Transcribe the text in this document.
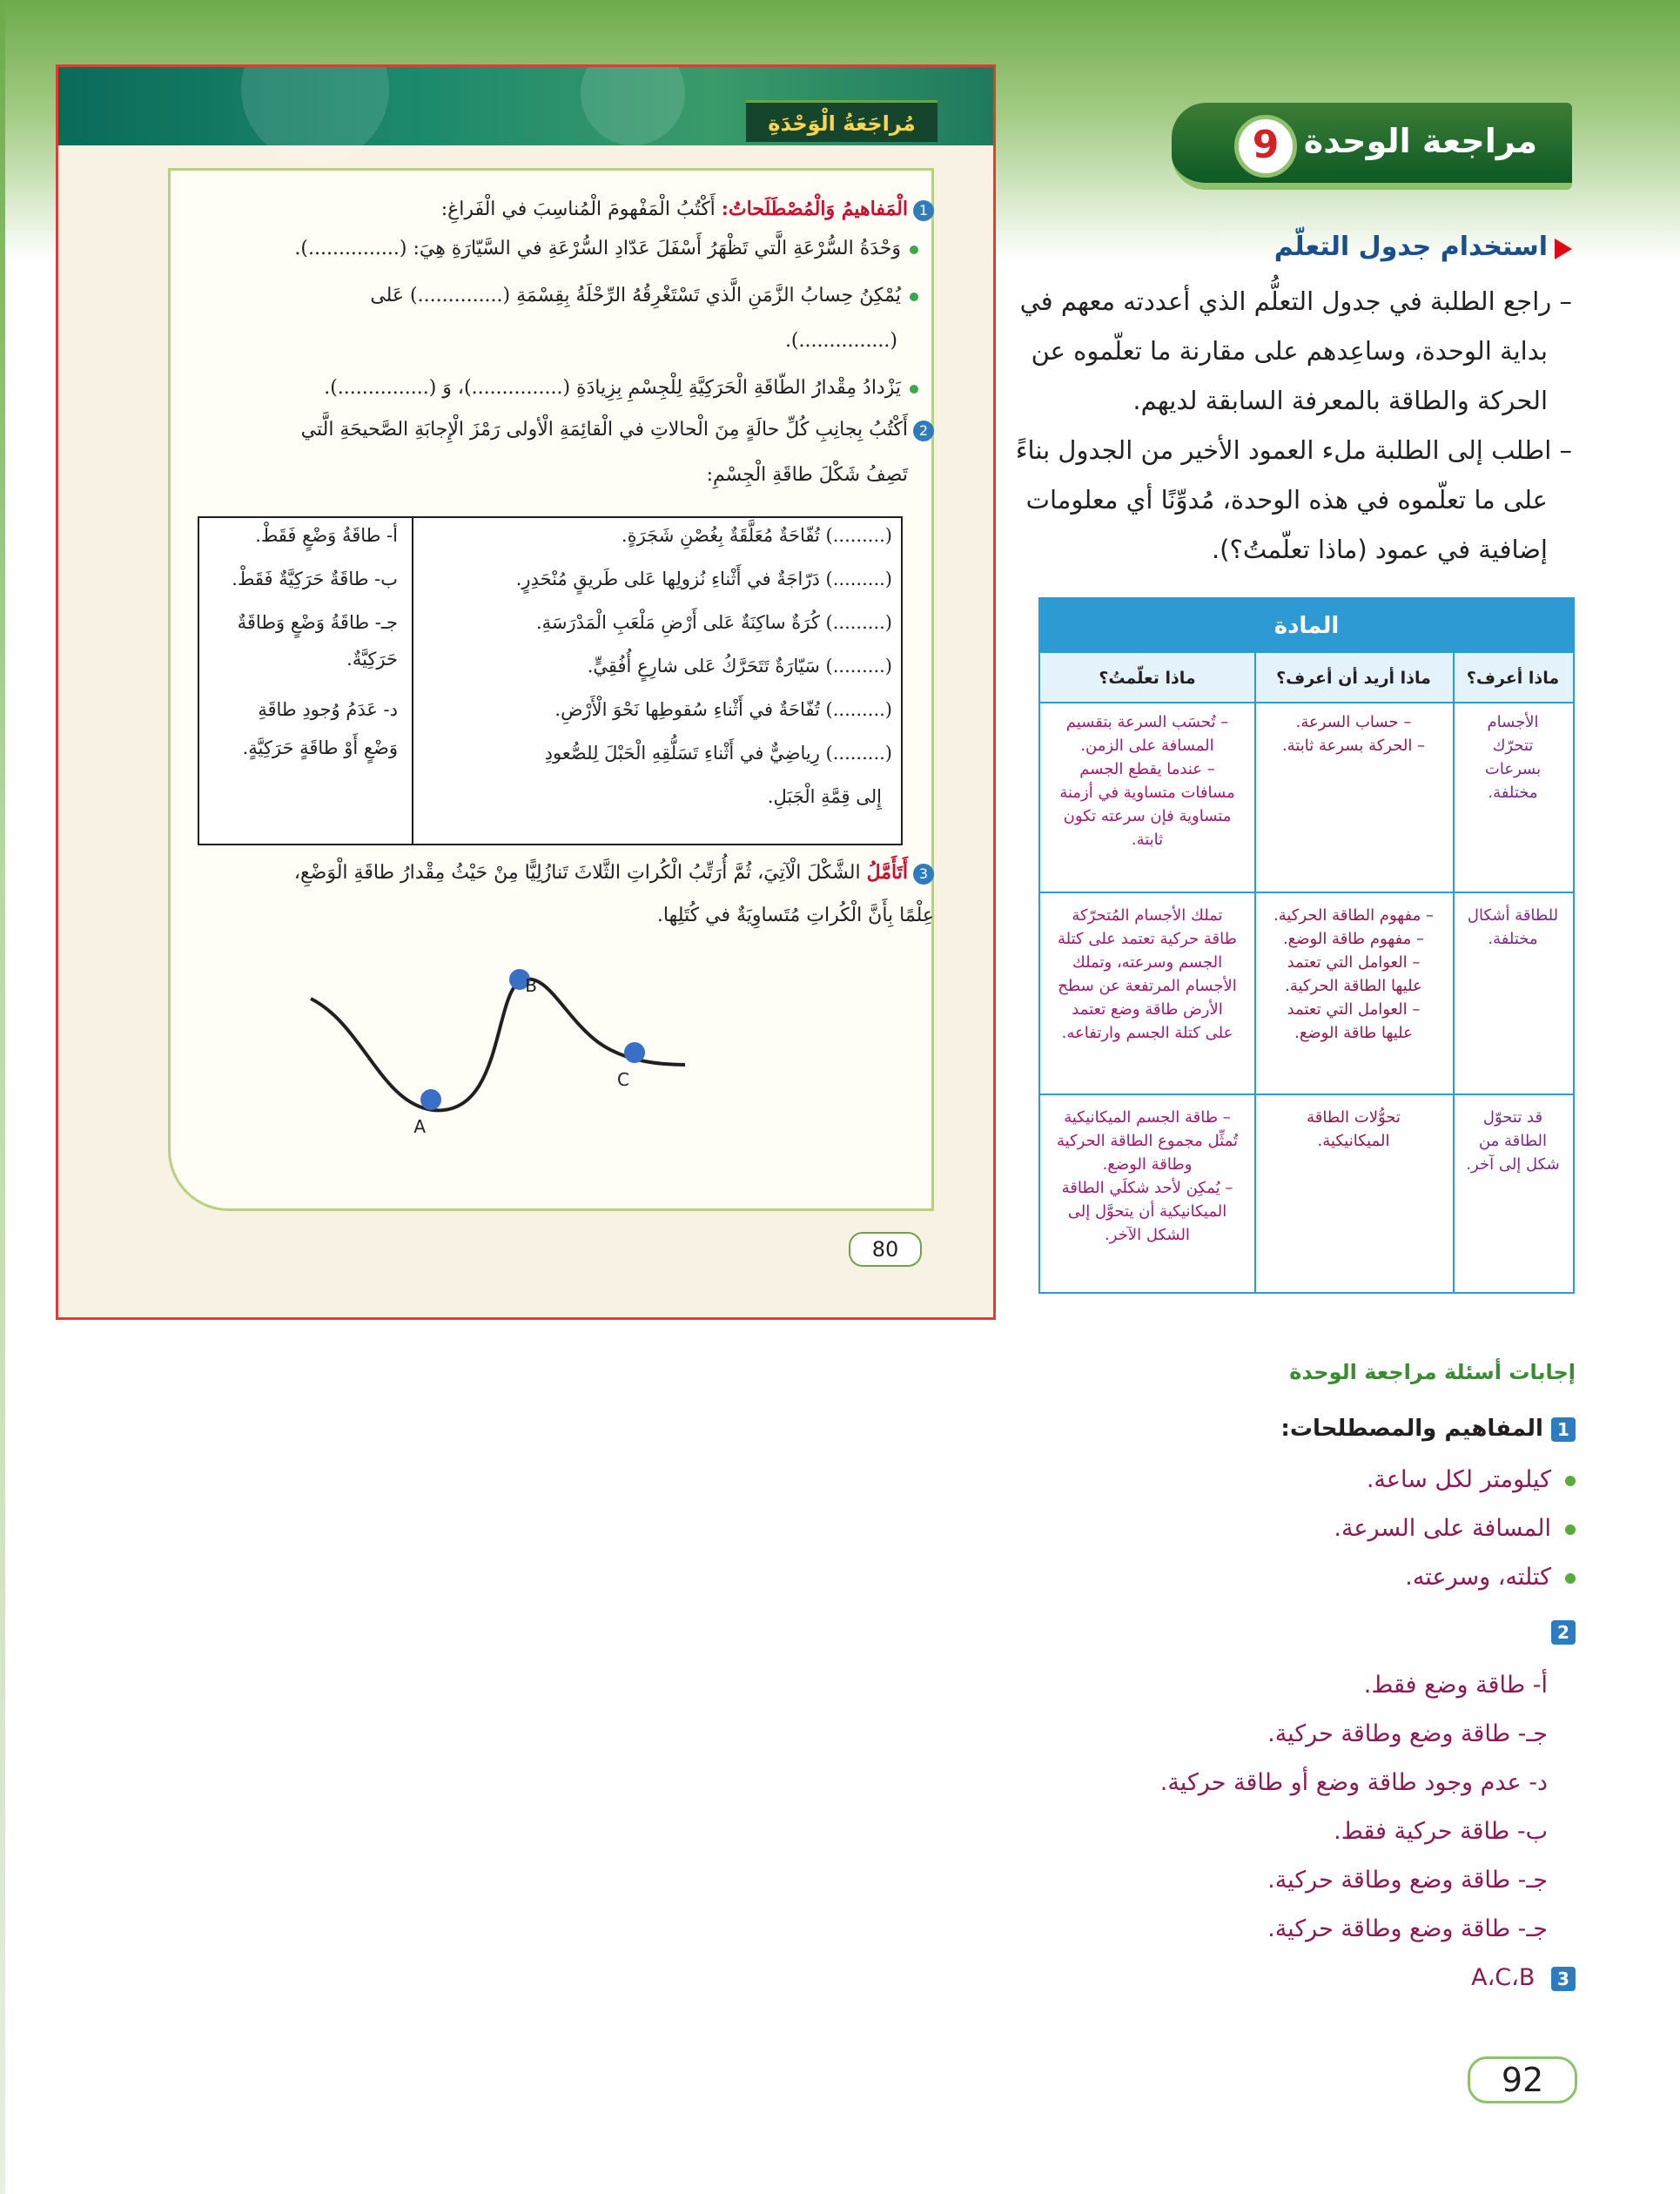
مُراجَعَةُ الْوَحْدَةِ
1الْمَفاهيمُ وَالْمُصْطَلَحاتُ: أَكْتُبُ الْمَفْهومَ الْمُناسِبَ في الْفَراغِ:
وَحْدَةُ السُّرْعَةِ الَّتي تَظْهَرُ أَسْفَلَ عَدّادِ السُّرْعَةِ في السَّيّارَةِ هِيَ: (...............).
يُمْكِنُ حِسابُ الزَّمَنِ الَّذي تَسْتَغْرِقُهُ الرِّحْلَةُ بِقِسْمَةِ (..............) عَلى
(...............).
يَزْدادُ مِقْدارُ الطّاقَةِ الْحَرَكِيَّةِ لِلْجِسْمِ بِزِيادَةِ (...............)، وَ (...............).
2أَكْتُبُ بِجانِبِ كُلِّ حالَةٍ مِنَ الْحالاتِ في الْقائِمَةِ الْأولى رَمْزَ الْإِجابَةِ الصَّحيحَةِ الَّتي
تَصِفُ شَكْلَ طاقَةِ الْجِسْمِ:
(.........) تُفّاحَةٌ مُعَلَّقَةٌ بِغُصْنِ شَجَرَةٍ.
(.........) دَرّاجَةٌ في أَثْناءِ نُزولِها عَلى طَريقٍ مُنْحَدِرٍ.
(.........) كُرَةٌ ساكِنَةٌ عَلى أَرْضِ مَلْعَبِ الْمَدْرَسَةِ.
(.........) سَيّارَةٌ تَتَحَرَّكُ عَلى شارِعٍ أُفُقِيٍّ.
(.........) تُفّاحَةٌ في أَثْناءِ سُقوطِها نَحْوَ الْأَرْضِ.
(.........) رِياضِيٌّ في أَثْناءِ تَسَلُّقِهِ الْحَبْلَ لِلصُّعودِ
إِلى قِمَّةِ الْجَبَلِ.
أ- طاقَةُ وَضْعٍ فَقَطْ.
ب- طاقَةٌ حَرَكِيَّةٌ فَقَطْ.
جـ- طاقَةُ وَضْعٍ وَطاقَةٌ
حَرَكِيَّةٌ.
د- عَدَمُ وُجودِ طاقَةِ
وَضْعٍ أَوْ طاقَةٍ حَرَكِيَّةٍ.
3أَتَأَمَّلُ الشَّكْلَ الْآتِيَ، ثُمَّ أُرَتِّبُ الْكُراتِ الثَّلاثَ تَنازُلِيًّا مِنْ حَيْثُ مِقْدارُ طاقَةِ الْوَضْعِ،
عِلْمًا بِأَنَّ الْكُراتِ مُتَساوِيَةٌ في كُتَلِها.
A
B
C
80
مراجعة الوحدة
9
استخدام جدول التعلّم
– راجع الطلبة في جدول التعلُّم الذي أعددته معهم في
بداية الوحدة، وساعِدهم على مقارنة ما تعلّموه عن
الحركة والطاقة بالمعرفة السابقة لديهم.
– اطلب إلى الطلبة ملء العمود الأخير من الجدول بناءً
على ما تعلّموه في هذه الوحدة، مُدوِّنًا أي معلومات
إضافية في عمود (ماذا تعلّمتُ؟).
المادة
ماذا أعرف؟
ماذا أريد أن أعرف؟
ماذا تعلّمتُ؟
الأجسام
تتحرّك
بسرعات
مختلفة.
– حساب السرعة.
– الحركة بسرعة ثابتة.
– تُحسَب السرعة بتقسيم
المسافة على الزمن.
– عندما يقطع الجسم
مسافات متساوية في أزمنة
متساوية فإن سرعته تكون
ثابتة.
للطاقة أشكال
مختلفة.
– مفهوم الطاقة الحركية.
– مفهوم طاقة الوضع.
– العوامل التي تعتمد
عليها الطاقة الحركية.
– العوامل التي تعتمد
عليها طاقة الوضع.
تملك الأجسام المُتحرّكة
طاقة حركية تعتمد على كتلة
الجسم وسرعته، وتملك
الأجسام المرتفعة عن سطح
الأرض طاقة وضع تعتمد
على كتلة الجسم وارتفاعه.
قد تتحوّل
الطاقة من
شكل إلى آخر.
تحوُّلات الطاقة
الميكانيكية.
– طاقة الجسم الميكانيكية
تُمثِّل مجموع الطاقة الحركية
وطاقة الوضع.
– يُمكِن لأحد شكلَي الطاقة
الميكانيكية أن يتحوَّل إلى
الشكل الآخر.
إجابات أسئلة مراجعة الوحدة
1 المفاهيم والمصطلحات:
كيلومتر لكل ساعة.
المسافة على السرعة.
كتلته، وسرعته.
2
أ- طاقة وضع فقط.
جـ- طاقة وضع وطاقة حركية.
د- عدم وجود طاقة وضع أو طاقة حركية.
ب- طاقة حركية فقط.
جـ- طاقة وضع وطاقة حركية.
جـ- طاقة وضع وطاقة حركية.
3 A،C،B
92
